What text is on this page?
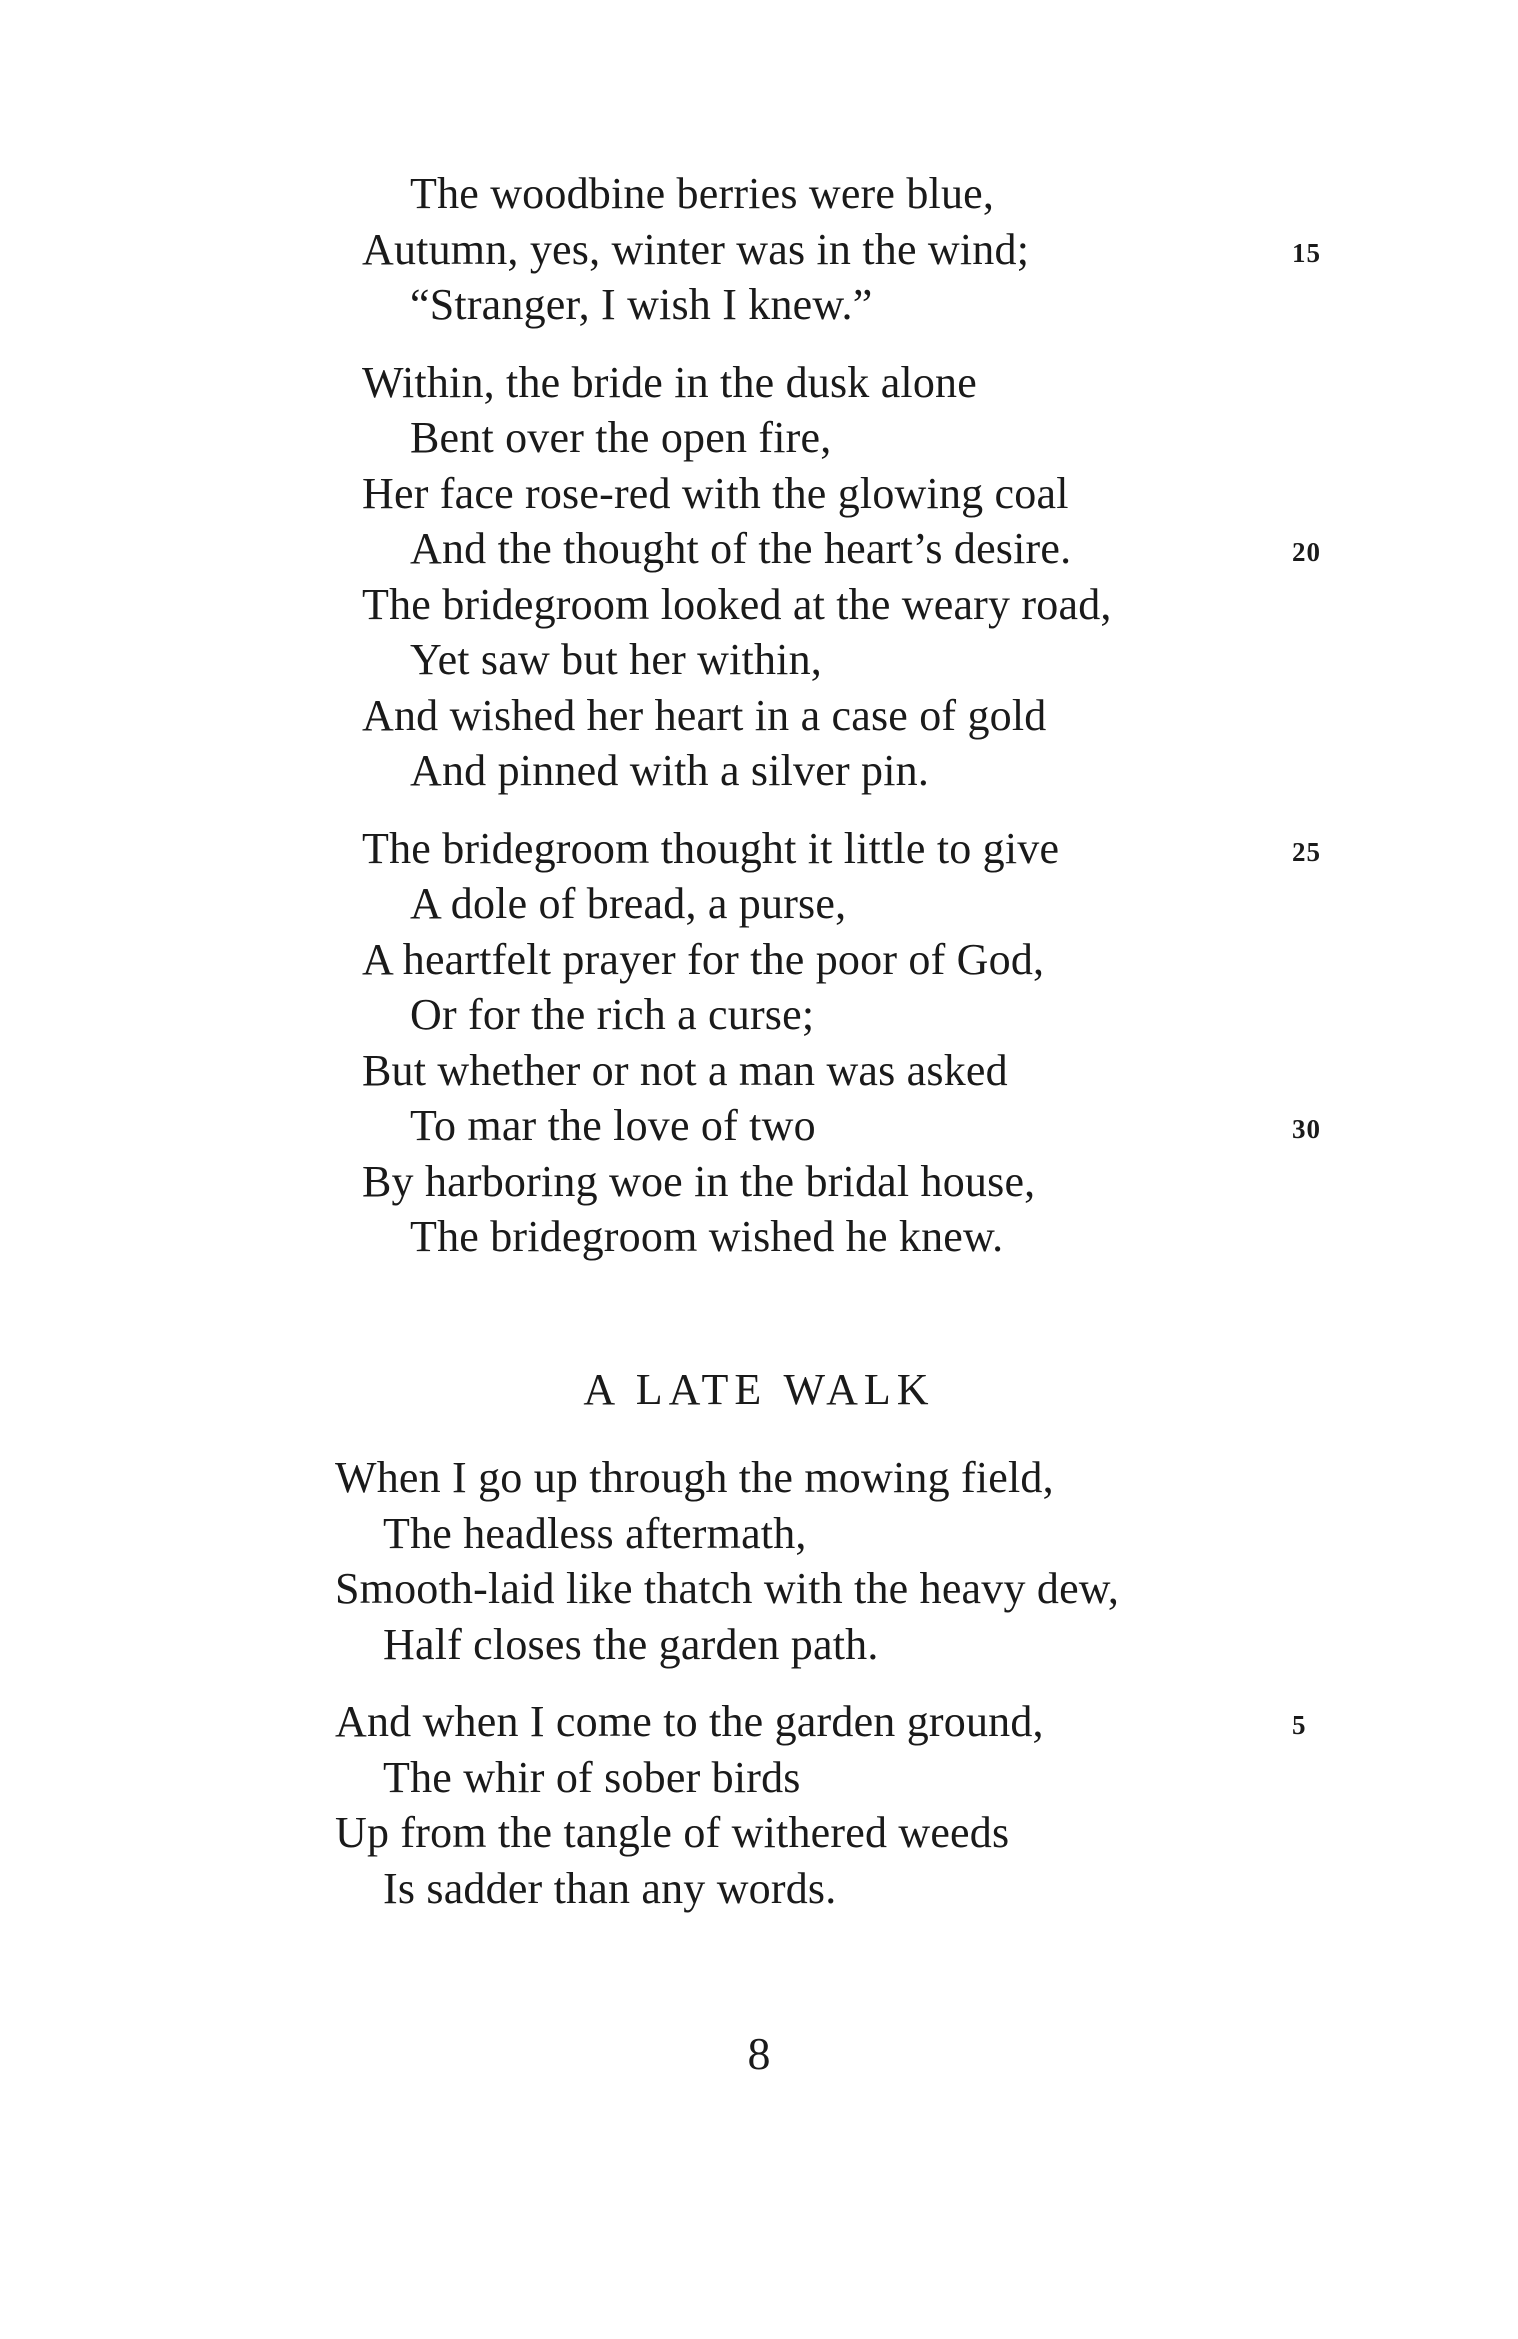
The woodbine berries were blue,
Autumn, yes, winter was in the wind;	15
“Stranger, I wish I knew.”
Within, the bride in the dusk alone
Bent over the open fire,
Her face rose-red with the glowing coal
And the thought of the heart’s desire.	20
The bridegroom looked at the weary road,
Yet saw but her within,
And wished her heart in a case of gold
And pinned with a silver pin.
The bridegroom thought it little to give	25
A dole of bread, a purse,
A heartfelt prayer for the poor of God,
Or for the rich a curse;
But whether or not a man was asked
To mar the love of two	30
By harboring woe in the bridal house,
The bridegroom wished he knew.
A LATE WALK
When I go up through the mowing field,
The headless aftermath,
Smooth-laid like thatch with the heavy dew,
Half closes the garden path.
And when I come to the garden ground,	5
The whir of sober birds
Up from the tangle of withered weeds
Is sadder than any words.
8
